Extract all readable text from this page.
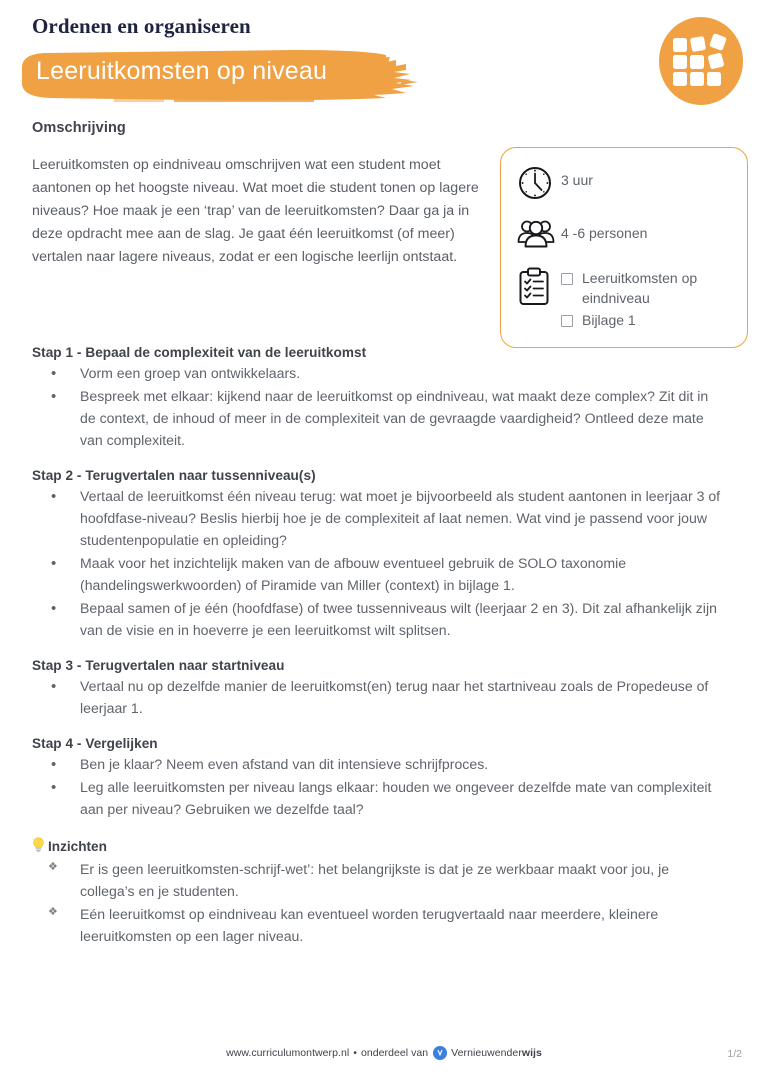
Ordenen en organiseren
Leeruitkomsten op niveau
Omschrijving

Leeruitkomsten op eindniveau omschrijven wat een student moet aantonen op het hoogste niveau. Wat moet die student tonen op lagere niveaus? Hoe maak je een ‘trap’ van de leeruitkomsten? Daar ga ja in deze opdracht mee aan de slag. Je gaat één leeruitkomst (of meer) vertalen naar lagere niveaus, zodat er een logische leerlijn ontstaat.

3 uur
4 -6 personen
Leeruitkomsten op eindniveau
Bijlage 1
Stap 1 - Bepaal de complexiteit van de leeruitkomst
• Vorm een groep van ontwikkelaars.
• Bespreek met elkaar: kijkend naar de leeruitkomst op eindniveau, wat maakt deze complex? Zit dit in de context, de inhoud of meer in de complexiteit van de gevraagde vaardigheid? Ontleed deze mate van complexiteit.
Stap 2 - Terugvertalen naar tussenniveau(s)
• Vertaal de leeruitkomst één niveau terug: wat moet je bijvoorbeeld als student aantonen in leerjaar 3 of hoofdfase-niveau? Beslis hierbij hoe je de complexiteit af laat nemen. Wat vind je passend voor jouw studentenpopulatie en opleiding?
• Maak voor het inzichtelijk maken van de afbouw eventueel gebruik de SOLO taxonomie (handelingswerkwoorden) of Piramide van Miller (context) in bijlage 1.
• Bepaal samen of je één (hoofdfase) of twee tussenniveaus wilt (leerjaar 2 en 3). Dit zal afhankelijk zijn van de visie en in hoeverre je een leeruitkomst wilt splitsen.
Stap 3 - Terugvertalen naar startniveau
• Vertaal nu op dezelfde manier de leeruitkomst(en) terug naar het startniveau zoals de Propedeuse of leerjaar 1.
Stap 4 - Vergelijken
• Ben je klaar? Neem even afstand van dit intensieve schrijfproces.
• Leg alle leeruitkomsten per niveau langs elkaar: houden we ongeveer dezelfde mate van complexiteit aan per niveau? Gebruiken we dezelfde taal?
Inzichten
❖ Er is geen leeruitkomsten-schrijf-wet’: het belangrijkste is dat je ze werkbaar maakt voor jou, je collega’s en je studenten.
❖ Eén leeruitkomst op eindniveau kan eventueel worden terugvertaald naar meerdere, kleinere leeruitkomsten op een lager niveau.
www.curriculumontwerp.nl • onderdeel van Vernieuwenderwijs	1/2
